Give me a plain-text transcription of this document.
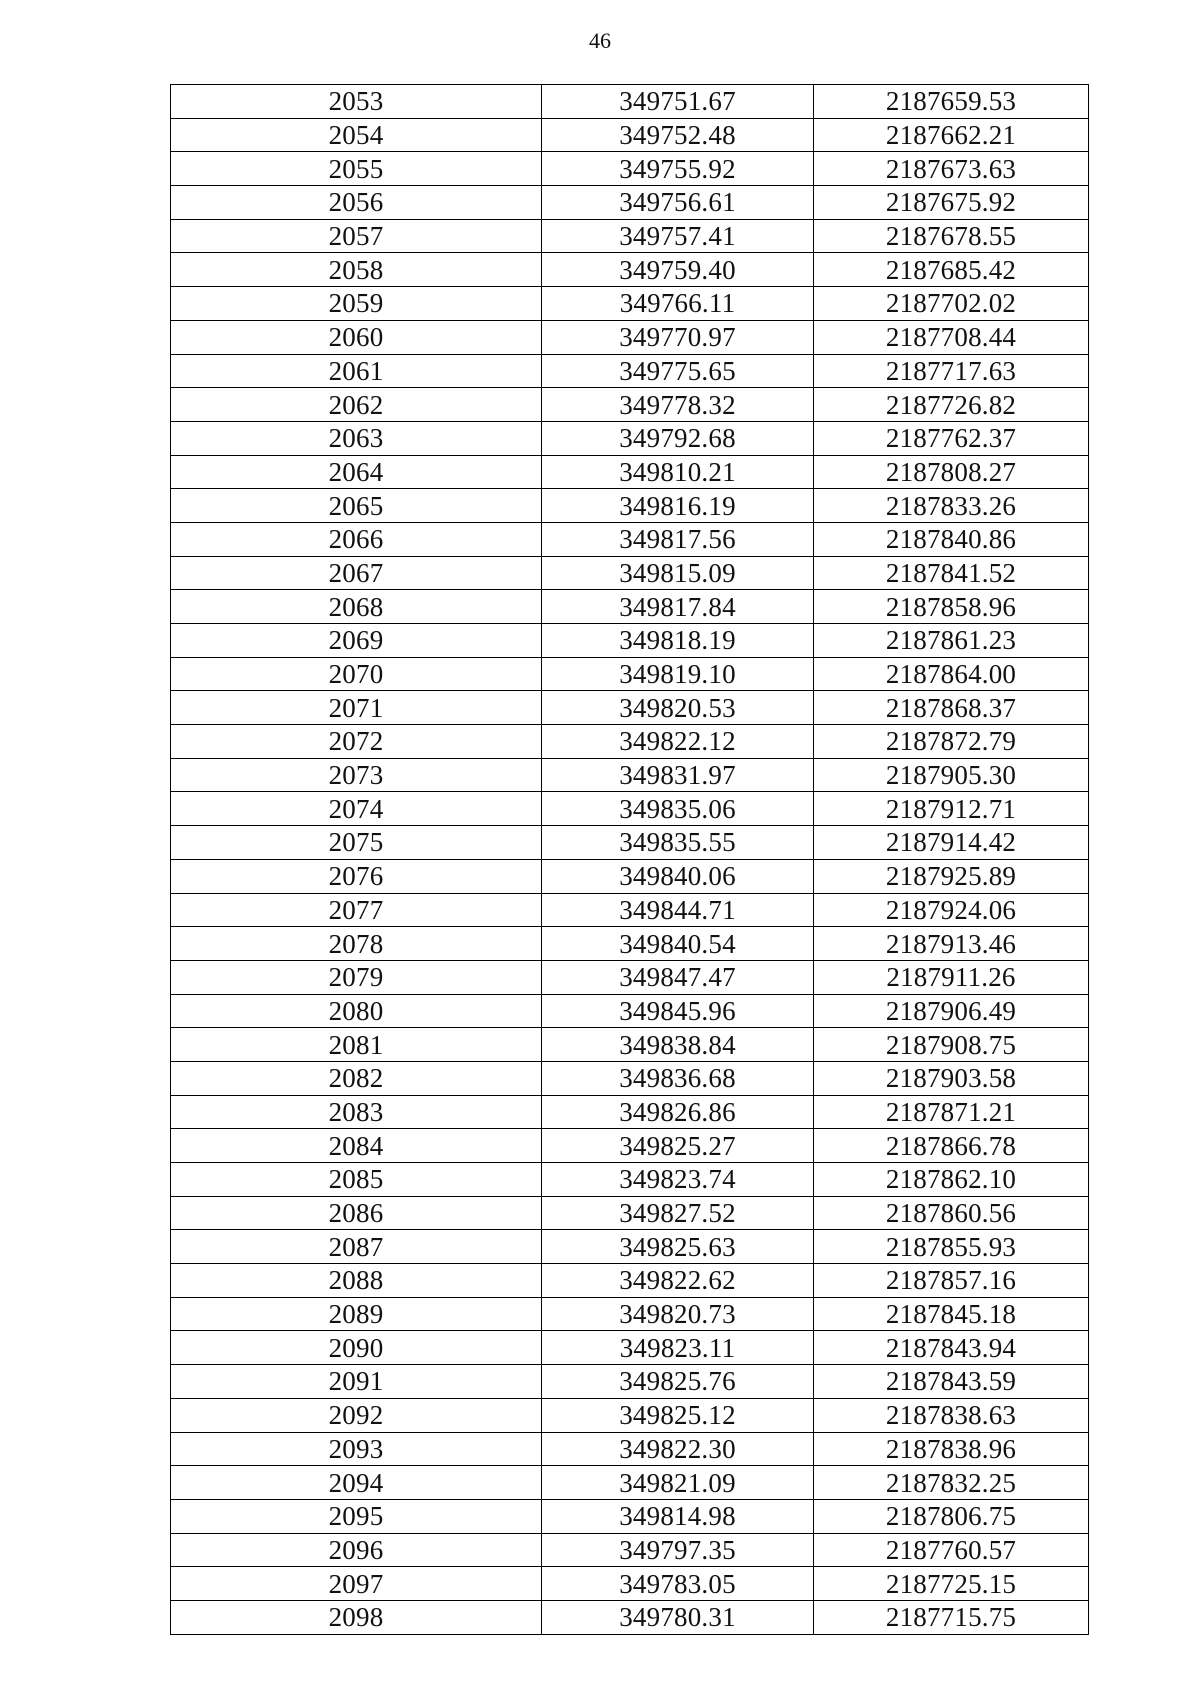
46
2053	349751.67	2187659.53
2054	349752.48	2187662.21
2055	349755.92	2187673.63
2056	349756.61	2187675.92
2057	349757.41	2187678.55
2058	349759.40	2187685.42
2059	349766.11	2187702.02
2060	349770.97	2187708.44
2061	349775.65	2187717.63
2062	349778.32	2187726.82
2063	349792.68	2187762.37
2064	349810.21	2187808.27
2065	349816.19	2187833.26
2066	349817.56	2187840.86
2067	349815.09	2187841.52
2068	349817.84	2187858.96
2069	349818.19	2187861.23
2070	349819.10	2187864.00
2071	349820.53	2187868.37
2072	349822.12	2187872.79
2073	349831.97	2187905.30
2074	349835.06	2187912.71
2075	349835.55	2187914.42
2076	349840.06	2187925.89
2077	349844.71	2187924.06
2078	349840.54	2187913.46
2079	349847.47	2187911.26
2080	349845.96	2187906.49
2081	349838.84	2187908.75
2082	349836.68	2187903.58
2083	349826.86	2187871.21
2084	349825.27	2187866.78
2085	349823.74	2187862.10
2086	349827.52	2187860.56
2087	349825.63	2187855.93
2088	349822.62	2187857.16
2089	349820.73	2187845.18
2090	349823.11	2187843.94
2091	349825.76	2187843.59
2092	349825.12	2187838.63
2093	349822.30	2187838.96
2094	349821.09	2187832.25
2095	349814.98	2187806.75
2096	349797.35	2187760.57
2097	349783.05	2187725.15
2098	349780.31	2187715.75
